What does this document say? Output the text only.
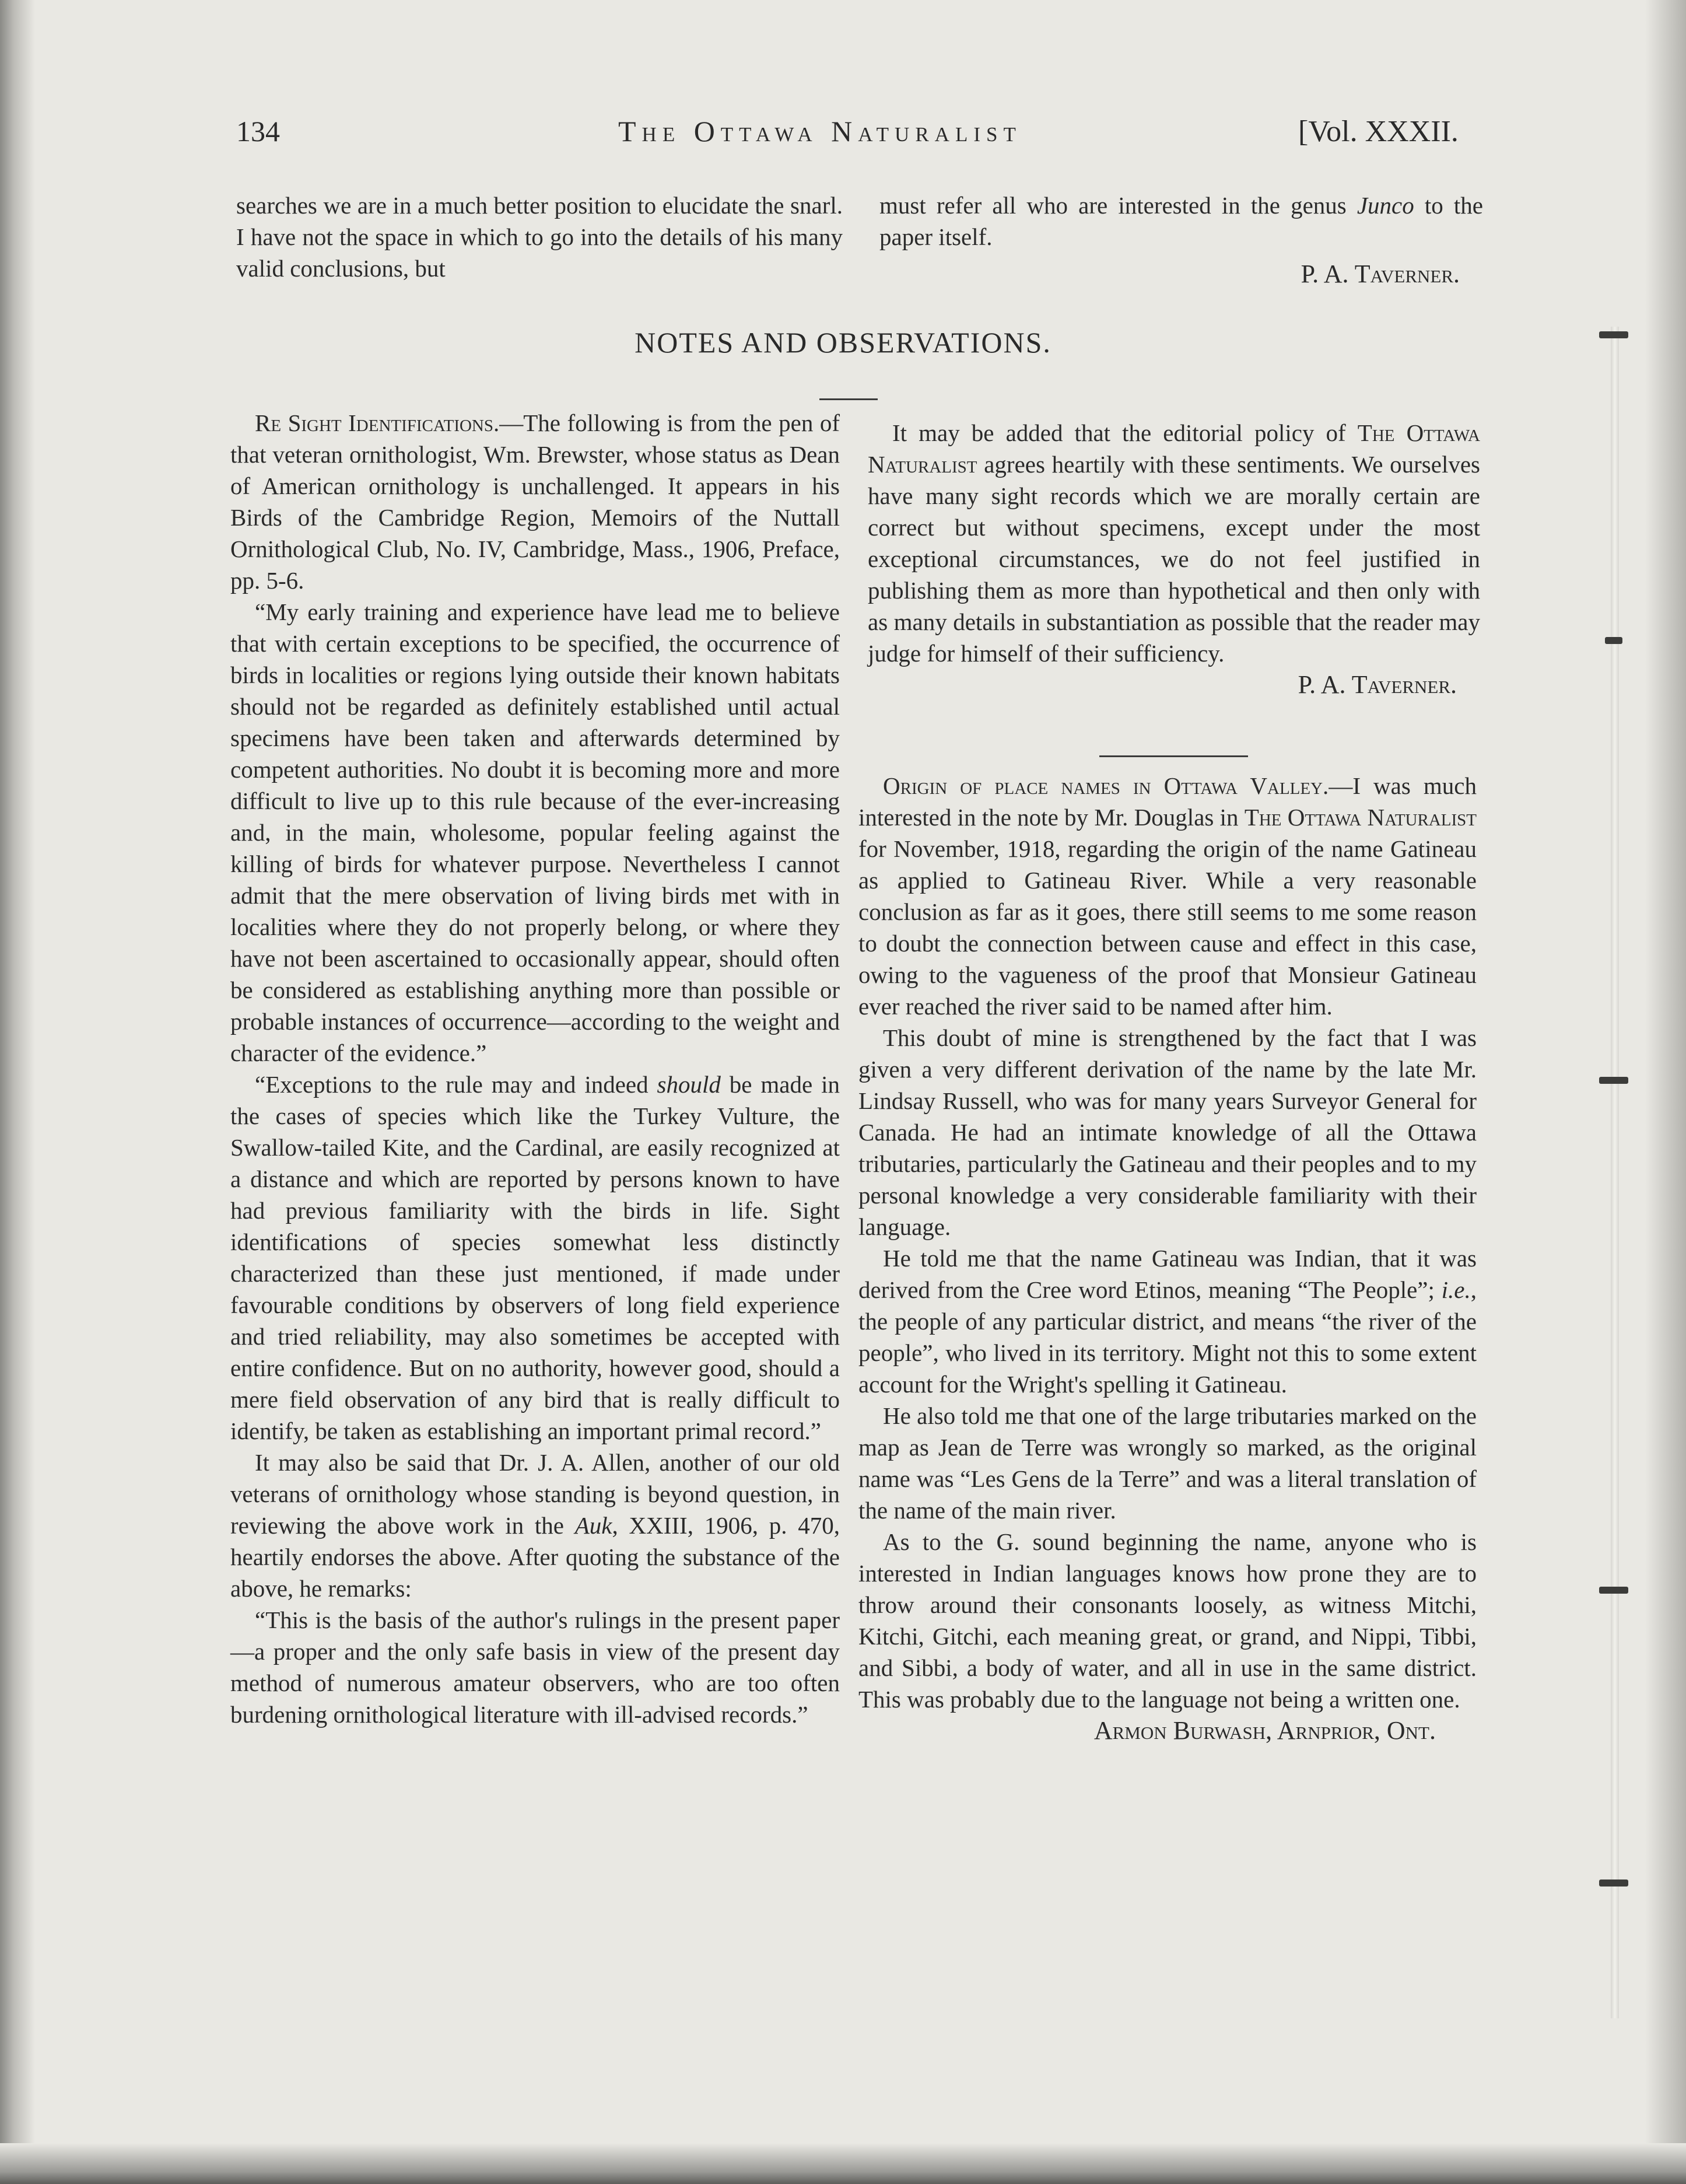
134	The Ottawa Naturalist	[Vol. XXXII.

searches we are in a much better position to elucidate the snarl. I have not the space in which to go into the details of his many valid conclusions, but

must refer all who are interested in the genus Junco to the paper itself.

P. A. Taverner.

NOTES AND OBSERVATIONS.

Re Sight Identifications.—The following is from the pen of that veteran ornithologist, Wm. Brewster, whose status as Dean of American ornithology is unchallenged. It appears in his Birds of the Cambridge Region, Memoirs of the Nuttall Ornithological Club, No. IV, Cambridge, Mass., 1906, Preface, pp. 5-6.

“My early training and experience have lead me to believe that with certain exceptions to be specified, the occurrence of birds in localities or regions lying outside their known habitats should not be regarded as definitely established until actual specimens have been taken and afterwards determined by competent authorities. No doubt it is becoming more and more difficult to live up to this rule because of the ever-increasing and, in the main, wholesome, popular feeling against the killing of birds for whatever purpose. Nevertheless I cannot admit that the mere observation of living birds met with in localities where they do not properly belong, or where they have not been ascertained to occasionally appear, should often be considered as establishing anything more than possible or probable instances of occurrence—according to the weight and character of the evidence.”

“Exceptions to the rule may and indeed should be made in the cases of species which like the Turkey Vulture, the Swallow-tailed Kite, and the Cardinal, are easily recognized at a distance and which are reported by persons known to have had previous familiarity with the birds in life. Sight identifications of species somewhat less distinctly characterized than these just mentioned, if made under favourable conditions by observers of long field experience and tried reliability, may also sometimes be accepted with entire confidence. But on no authority, however good, should a mere field observation of any bird that is really difficult to identify, be taken as establishing an important primal record.”

It may also be said that Dr. J. A. Allen, another of our old veterans of ornithology whose standing is beyond question, in reviewing the above work in the Auk, XXIII, 1906, p. 470, heartily endorses the above. After quoting the substance of the above, he remarks:

“This is the basis of the author's rulings in the present paper—a proper and the only safe basis in view of the present day method of numerous amateur observers, who are too often burdening ornithological literature with ill-advised records.”

It may be added that the editorial policy of The Ottawa Naturalist agrees heartily with these sentiments. We ourselves have many sight records which we are morally certain are correct but without specimens, except under the most exceptional circumstances, we do not feel justified in publishing them as more than hypothetical and then only with as many details in substantiation as possible that the reader may judge for himself of their sufficiency.

P. A. Taverner.

Origin of place names in Ottawa Valley.—I was much interested in the note by Mr. Douglas in The Ottawa Naturalist for November, 1918, regarding the origin of the name Gatineau as applied to Gatineau River. While a very reasonable conclusion as far as it goes, there still seems to me some reason to doubt the connection between cause and effect in this case, owing to the vagueness of the proof that Monsieur Gatineau ever reached the river said to be named after him.

This doubt of mine is strengthened by the fact that I was given a very different derivation of the name by the late Mr. Lindsay Russell, who was for many years Surveyor General for Canada. He had an intimate knowledge of all the Ottawa tributaries, particularly the Gatineau and their peoples and to my personal knowledge a very considerable familiarity with their language.

He told me that the name Gatineau was Indian, that it was derived from the Cree word Etinos, meaning “The People”; i.e., the people of any particular district, and means “the river of the people”, who lived in its territory. Might not this to some extent account for the Wright's spelling it Gatineau.

He also told me that one of the large tributaries marked on the map as Jean de Terre was wrongly so marked, as the original name was “Les Gens de la Terre” and was a literal translation of the name of the main river.

As to the G. sound beginning the name, anyone who is interested in Indian languages knows how prone they are to throw around their consonants loosely, as witness Mitchi, Kitchi, Gitchi, each meaning great, or grand, and Nippi, Tibbi, and Sibbi, a body of water, and all in use in the same district. This was probably due to the language not being a written one.

Armon Burwash, Arnprior, Ont.
